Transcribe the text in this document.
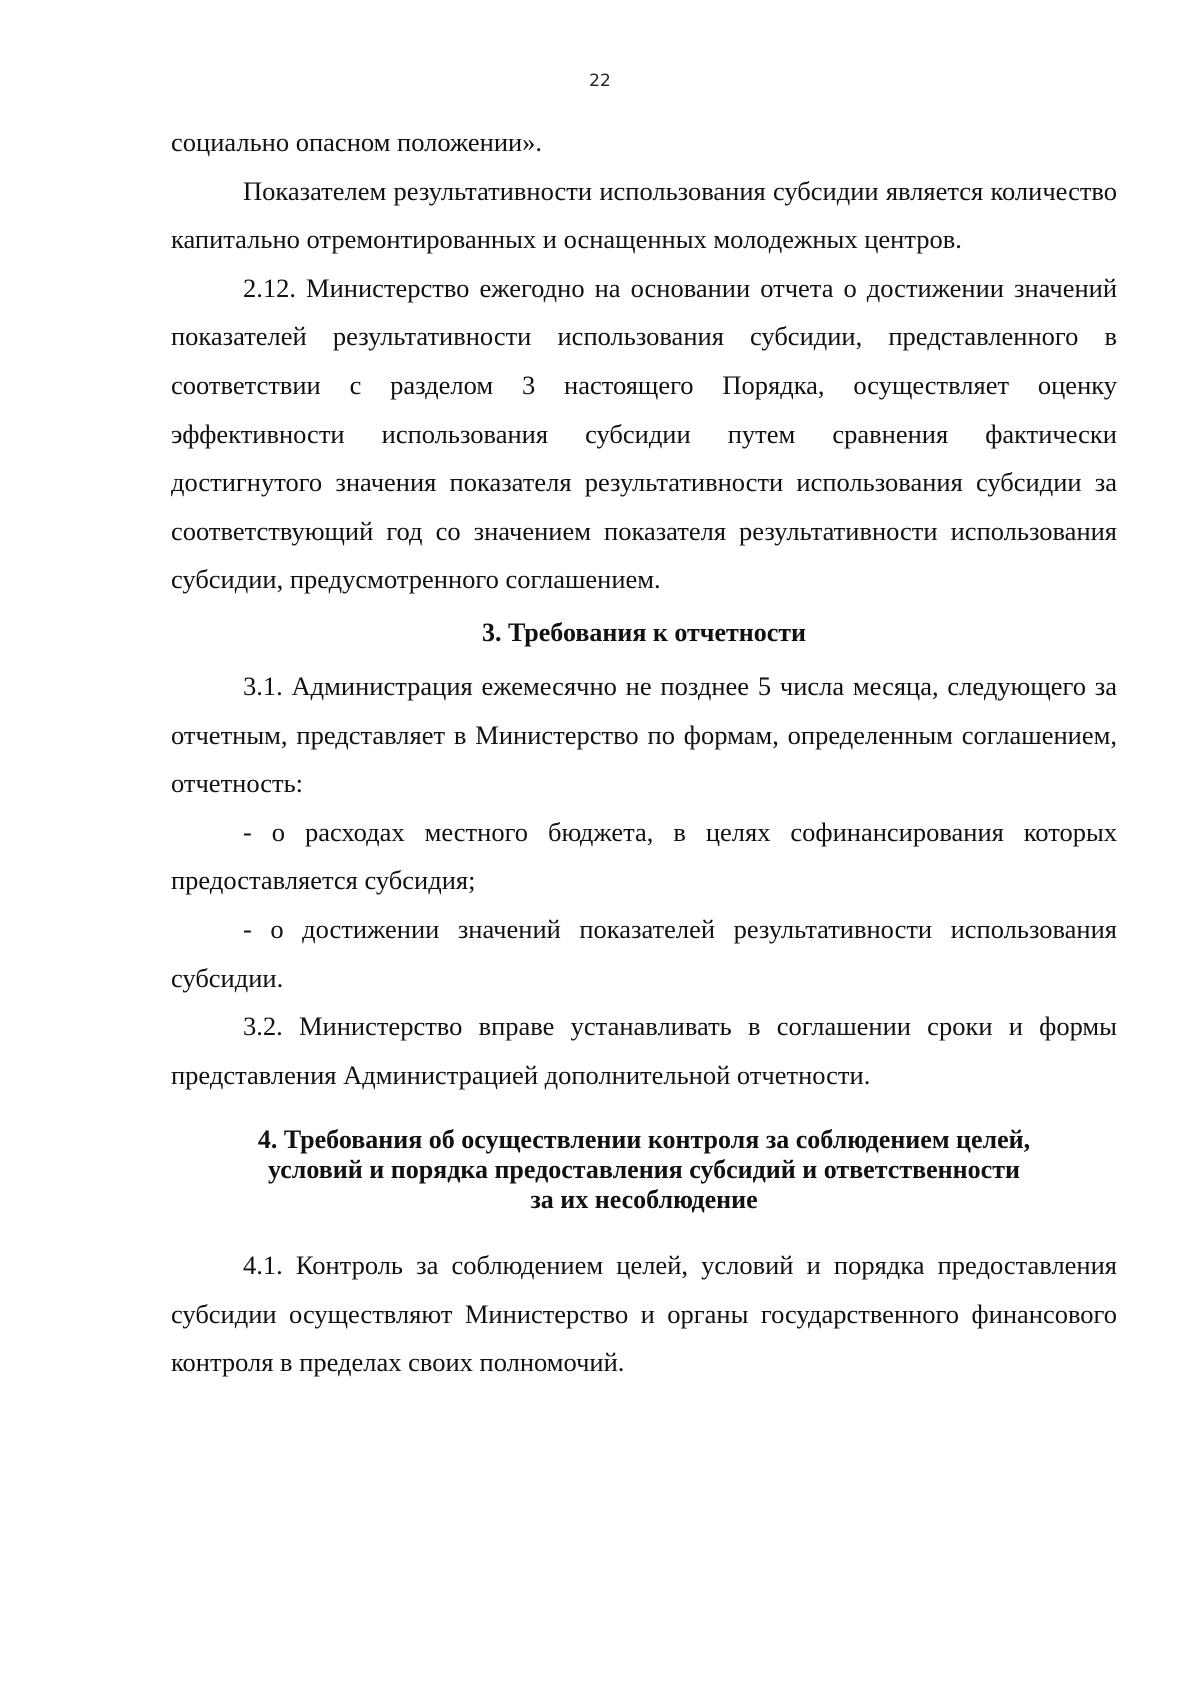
22

социально опасном положении».

Показателем результативности использования субсидии является количество капитально отремонтированных и оснащенных молодежных центров.

2.12. Министерство ежегодно на основании отчета о достижении значений показателей результативности использования субсидии, представленного в соответствии с разделом 3 настоящего Порядка, осуществляет оценку эффективности использования субсидии путем сравнения фактически достигнутого значения показателя результативности использования субсидии за соответствующий год со значением показателя результативности использования субсидии, предусмотренного соглашением.

3. Требования к отчетности

3.1. Администрация ежемесячно не позднее 5 числа месяца, следующего за отчетным, представляет в Министерство по формам, определенным соглашением, отчетность:

- о расходах местного бюджета, в целях софинансирования которых предоставляется субсидия;

- о достижении значений показателей результативности использования субсидии.

3.2. Министерство вправе устанавливать в соглашении сроки и формы представления Администрацией дополнительной отчетности.

4. Требования об осуществлении контроля за соблюдением целей,
условий и порядка предоставления субсидий и ответственности
за их несоблюдение

4.1. Контроль за соблюдением целей, условий и порядка предоставления субсидии осуществляют Министерство и органы государственного финансового контроля в пределах своих полномочий.
